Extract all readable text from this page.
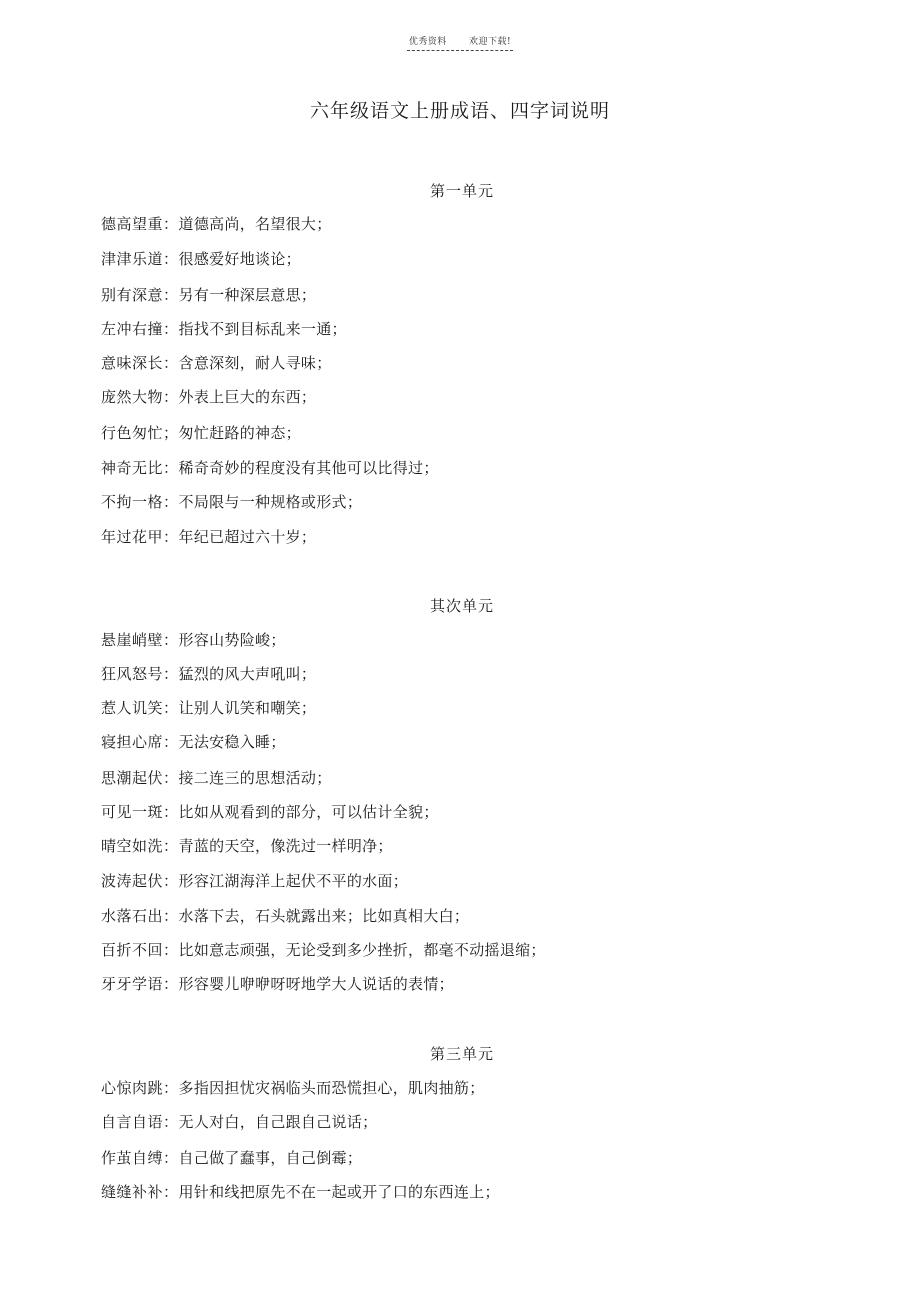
优秀资料 欢迎下载!
六年级语文上册成语、四字词说明
第一单元
德高望重：道德高尚，名望很大；
津津乐道：很感爱好地谈论；
别有深意：另有一种深层意思；
左冲右撞：指找不到目标乱来一通；
意味深长：含意深刻，耐人寻味；
庞然大物：外表上巨大的东西；
行色匆忙；匆忙赶路的神态；
神奇无比：稀奇奇妙的程度没有其他可以比得过；
不拘一格：不局限与一种规格或形式；
年过花甲：年纪已超过六十岁；
其次单元
悬崖峭壁：形容山势险峻；
狂风怒号：猛烈的风大声吼叫；
惹人讥笑：让别人讥笑和嘲笑；
寝担心席：无法安稳入睡；
思潮起伏：接二连三的思想活动；
可见一斑：比如从观看到的部分，可以估计全貌；
晴空如洗：青蓝的天空，像洗过一样明净；
波涛起伏：形容江湖海洋上起伏不平的水面；
水落石出：水落下去，石头就露出来；比如真相大白；
百折不回：比如意志顽强，无论受到多少挫折，都毫不动摇退缩；
牙牙学语：形容婴儿咿咿呀呀地学大人说话的表情；
第三单元
心惊肉跳：多指因担忧灾祸临头而恐慌担心，肌肉抽筋；
自言自语：无人对白，自己跟自己说话；
作茧自缚：自己做了蠢事，自己倒霉；
缝缝补补：用针和线把原先不在一起或开了口的东西连上；
